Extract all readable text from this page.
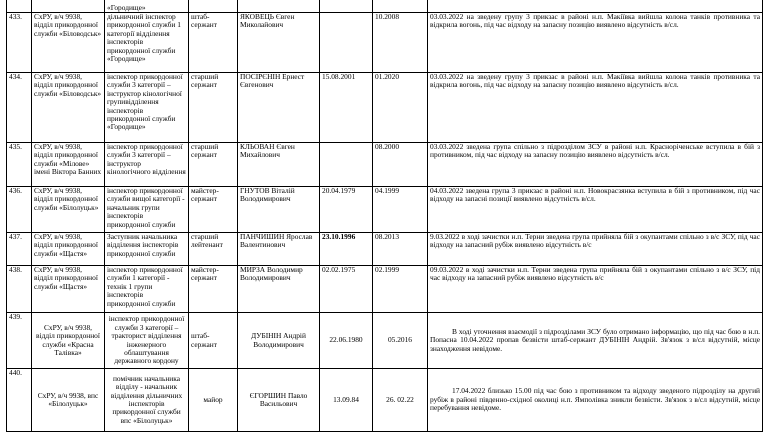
		«Городище»					
433.	СхРУ, в/ч 9938, відділ прикордонної служби «Біловодськ»	дільничний інспектор прикордонної служби 1 категорії відділення інспекторів прикордонної служби «Городище»	штаб-сержант	ЯКОВЕЦЬ Євген Миколайович		10.2008	03.03.2022 на зведену групу 3 прикзас в районі н.п. Макіївка вийшла колона танків противника та відкрила вогонь, під час відходу на запасну позицію виявлено відсутність в/сл.
434.	СхРУ, в/ч 9938, відділ прикордонної служби «Біловодськ»	інспектор прикордонної служби 3 категорії – інструктор кінологічної групивідділення інспекторів прикордонної служби «Городище»	старший сержант	ПОСІРЄНІН Ернест Євгенович	15.08.2001	01.2020	03.03.2022 на зведену групу 3 прикзас в районі н.п. Макіївка вийшла колона танків противника та відкрила вогонь, під час відходу на запасну позицію виявлено відсутність в/сл.
435.	СхРУ, в/ч 9938, відділ прикордонної служби «Мілове» імені Віктора Банних	інспектор прикордонної служби 3 категорії – інструктор кінологічного відділення	старший сержант	КЛЬОВАН Євген Михайлович		08.2000	03.03.2022 зведена група спільно з підрозділом ЗСУ в районі н.п. Красноріченське вступила в бій з противником, під час відходу на запасну позицію виявлено відсутність в/сл.
436.	СхРУ, в/ч 9938, відділ прикордонної служби «Білолуцьк»	інспектор прикордонної служби вищої категорії - начальник групи інспекторів прикордонної служби	майстер-сержант	ГНУТОВ Віталій Володимирович	20.04.1979	04.1999	04.03.2022 зведена група 3 прикзас в районі н.п. Новокрасзянка вступила в бій з противником, під час відходу на запасні позиції виявлено відсутність в/сл.
437.	СхРУ, в/ч 9938, відділ прикордонної служби «Щастя»	Заступник начальника відділення інспекторів прикордонної служби	старший лейтенант	ПАНЧИШИН Ярослав Валентинович	23.10.1996	08.2013	9.03.2022 в ході зачистки н.п. Терни зведена група прийняла бій з окупантами спільно з в/с ЗСУ, під час відходу на запасний рубіж виявлено відсутність в/с
438.	СхРУ, в/ч 9938, відділ прикордонної служби «Щастя»	інспектор прикордонної служби 1 категорії - технік 1 групи інспекторів прикордонної служби	майстер-сержант	МИРЗА Володимир Володимирович	02.02.1975	02.1999	09.03.2022 в ході зачистки н.п. Терни зведена група прийняла бій з окупантами спільно з в/с ЗСУ, під час відходу на запасний рубіж виявлено відсутність в/с
439.	СхРУ, в/ч 9938, відділ прикордонної служби «Красна Талівка»	інспектор прикордонної служби 3 категорії – тракторист відділення інженерного облаштування державного кордону	штаб-сержант	ДУБІНІН Андрій Володимирович	22.06.1980	05.2016	В ході уточнення взаємодії з підрозділами ЗСУ було отримано інформацію, що під час бою в н.п. Попасна 10.04.2022 пропав безвісти штаб-сержант ДУБІНІН Андрій. Зв'язок з в/сл відсутній, місце знаходження невідоме.
440.	СхРУ, в/ч 9938, впс «Білолуцьк»	помічник начальника відділу - начальник відділення дільничних інспекторів прикордонної служби впс «Білолуцьк»	майор	ЄГОРШИН Павло Васильович	13.09.84	26. 02.22	17.04.2022 близько 15.00 під час бою з противником та відходу зведеного підрозділу на другий рубіж в районі південно-східної околиці н.п. Ямполівка зникли безвісти. Зв'язок з в/сл відсутній, місце перебування невідоме.
